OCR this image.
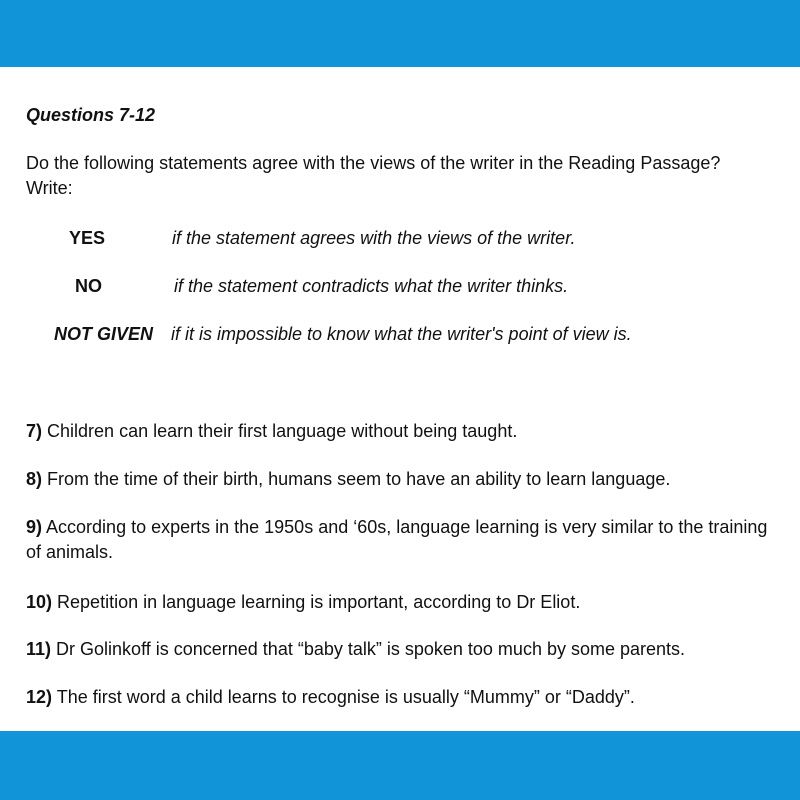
Questions 7-12
Do the following statements agree with the views of the writer in the Reading Passage?
Write:
YES	if the statement agrees with the views of the writer.
NO	if the statement contradicts what the writer thinks.
NOT GIVEN if it is impossible to know what the writer's point of view is.
7) Children can learn their first language without being taught.
8) From the time of their birth, humans seem to have an ability to learn language.
9) According to experts in the 1950s and ‘60s, language learning is very similar to the training of animals.
10) Repetition in language learning is important, according to Dr Eliot.
11) Dr Golinkoff is concerned that “baby talk” is spoken too much by some parents.
12) The first word a child learns to recognise is usually “Mummy” or “Daddy”.
